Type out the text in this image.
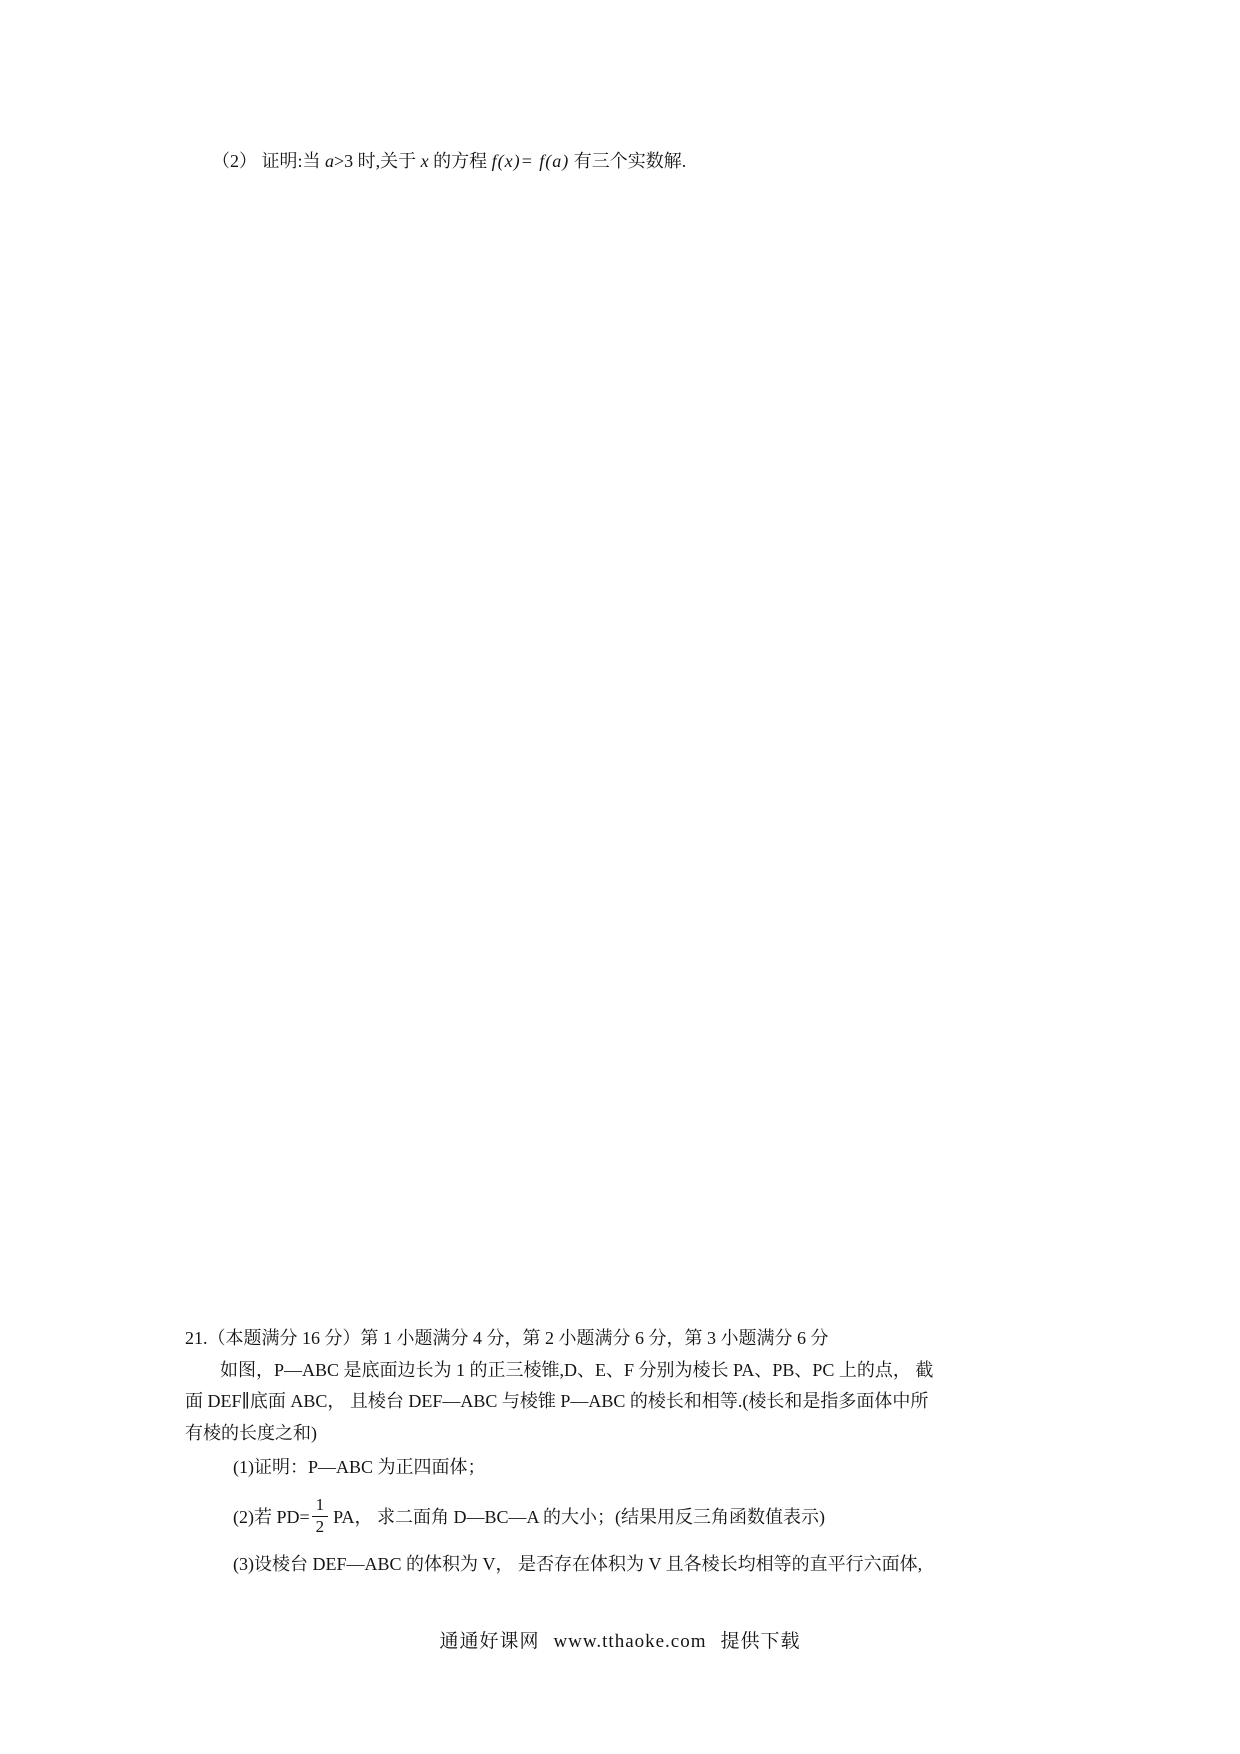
（2） 证明:当 a>3 时,关于 x 的方程 f(x)= f(a) 有三个实数解.
21.（本题满分 16 分）第 1 小题满分 4 分，第 2 小题满分 6 分，第 3 小题满分 6 分
如图，P—ABC 是底面边长为 1 的正三棱锥,D、E、F 分别为棱长 PA、PB、PC 上的点， 截
面 DEF∥底面 ABC， 且棱台 DEF—ABC 与棱锥 P—ABC 的棱长和相等.(棱长和是指多面体中所
有棱的长度之和)
(1)证明：P—ABC 为正四面体；
(2)若 $PD= \frac{1}{2}$ PA， 求二面角 D—BC—A 的大小；(结果用反三角函数值表示)
(3)设棱台 DEF—ABC 的体积为 V， 是否存在体积为 V 且各棱长均相等的直平行六面体,
通通好课网 www.tthaoke.com 提供下载
